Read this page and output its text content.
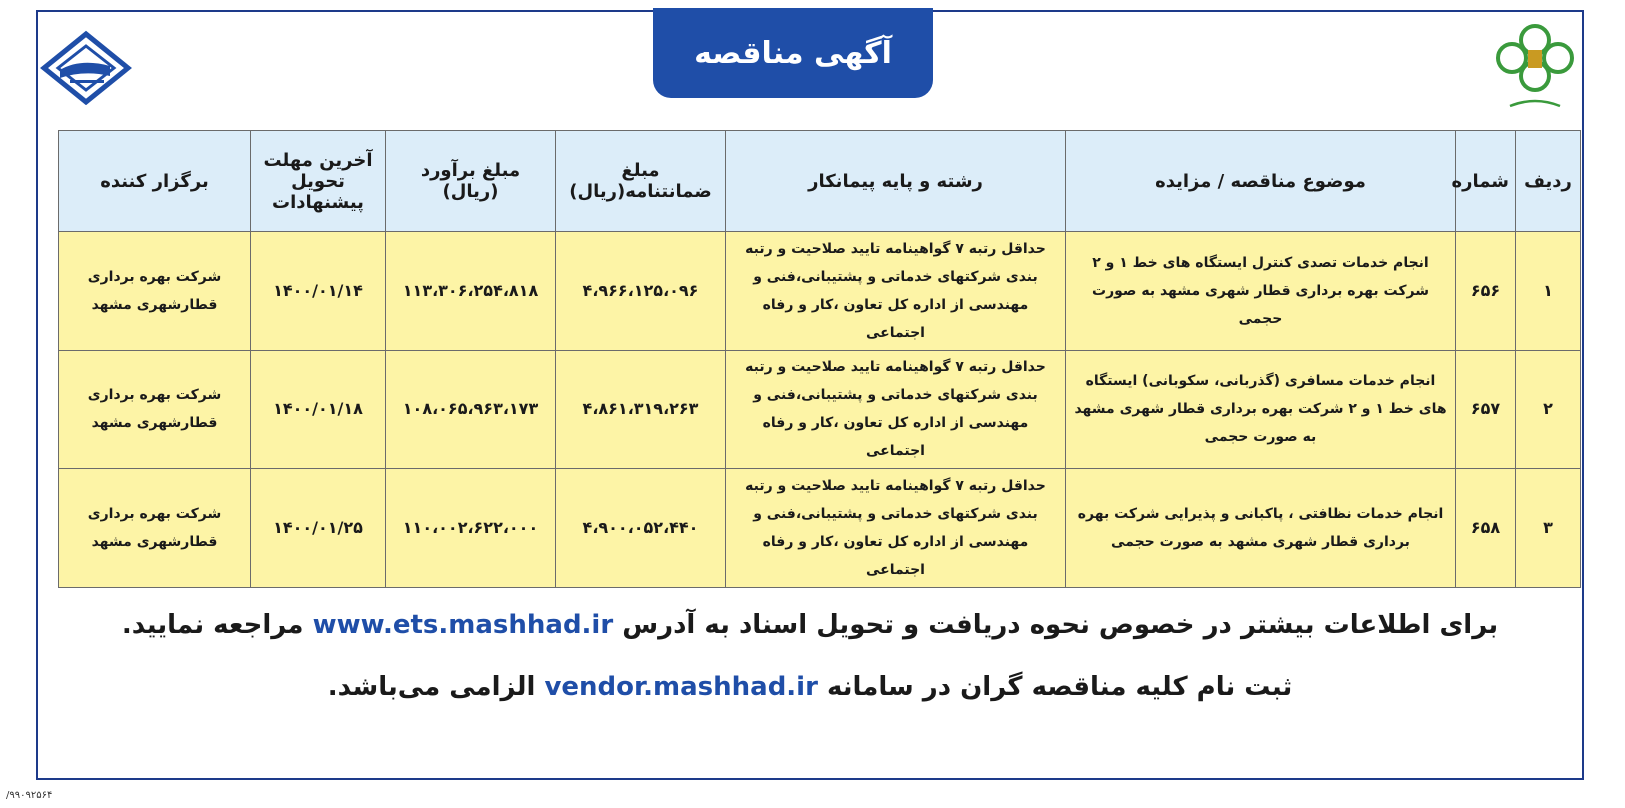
آگهی مناقصه
ردیف	شماره	موضوع مناقصه / مزایده	رشته و پایه پیمانکار	مبلغ ضمانتنامه(ریال)	مبلغ برآورد (ریال)	آخرین مهلت تحویل پیشنهادات	برگزار کننده
۱	۶۵۶	انجام خدمات تصدی کنترل ایستگاه های خط ۱ و ۲ شرکت بهره برداری قطار شهری مشهد به صورت حجمی	حداقل رتبه ۷ گواهینامه تایید صلاحیت و رتبه بندی شرکتهای خدماتی و پشتیبانی،فنی و مهندسی از اداره کل تعاون ،کار و رفاه اجتماعی	۴،۹۶۶،۱۲۵،۰۹۶	۱۱۳،۳۰۶،۲۵۴،۸۱۸	۱۴۰۰/۰۱/۱۴	شرکت بهره برداری قطارشهری مشهد
۲	۶۵۷	انجام خدمات مسافری (گذربانی، سکوبانی) ایستگاه های خط ۱ و ۲ شرکت بهره برداری قطار شهری مشهد به صورت حجمی	حداقل رتبه ۷ گواهینامه تایید صلاحیت و رتبه بندی شرکتهای خدماتی و پشتیبانی،فنی و مهندسی از اداره کل تعاون ،کار و رفاه اجتماعی	۴،۸۶۱،۳۱۹،۲۶۳	۱۰۸،۰۶۵،۹۶۳،۱۷۳	۱۴۰۰/۰۱/۱۸	شرکت بهره برداری قطارشهری مشهد
۳	۶۵۸	انجام خدمات نظافتی ، پاکبانی و پذیرایی شرکت بهره برداری قطار شهری مشهد به صورت حجمی	حداقل رتبه ۷ گواهینامه تایید صلاحیت و رتبه بندی شرکتهای خدماتی و پشتیبانی،فنی و مهندسی از اداره کل تعاون ،کار و رفاه اجتماعی	۴،۹۰۰،۰۵۲،۴۴۰	۱۱۰،۰۰۲،۶۲۲،۰۰۰	۱۴۰۰/۰۱/۲۵	شرکت بهره برداری قطارشهری مشهد
برای اطلاعات بیشتر در خصوص نحوه دریافت و تحویل اسناد به آدرس www.ets.mashhad.ir مراجعه نمایید.
ثبت نام کلیه مناقصه گران در سامانه vendor.mashhad.ir الزامی می‌باشد.
/۹۹۰۹۲۵۶۴
